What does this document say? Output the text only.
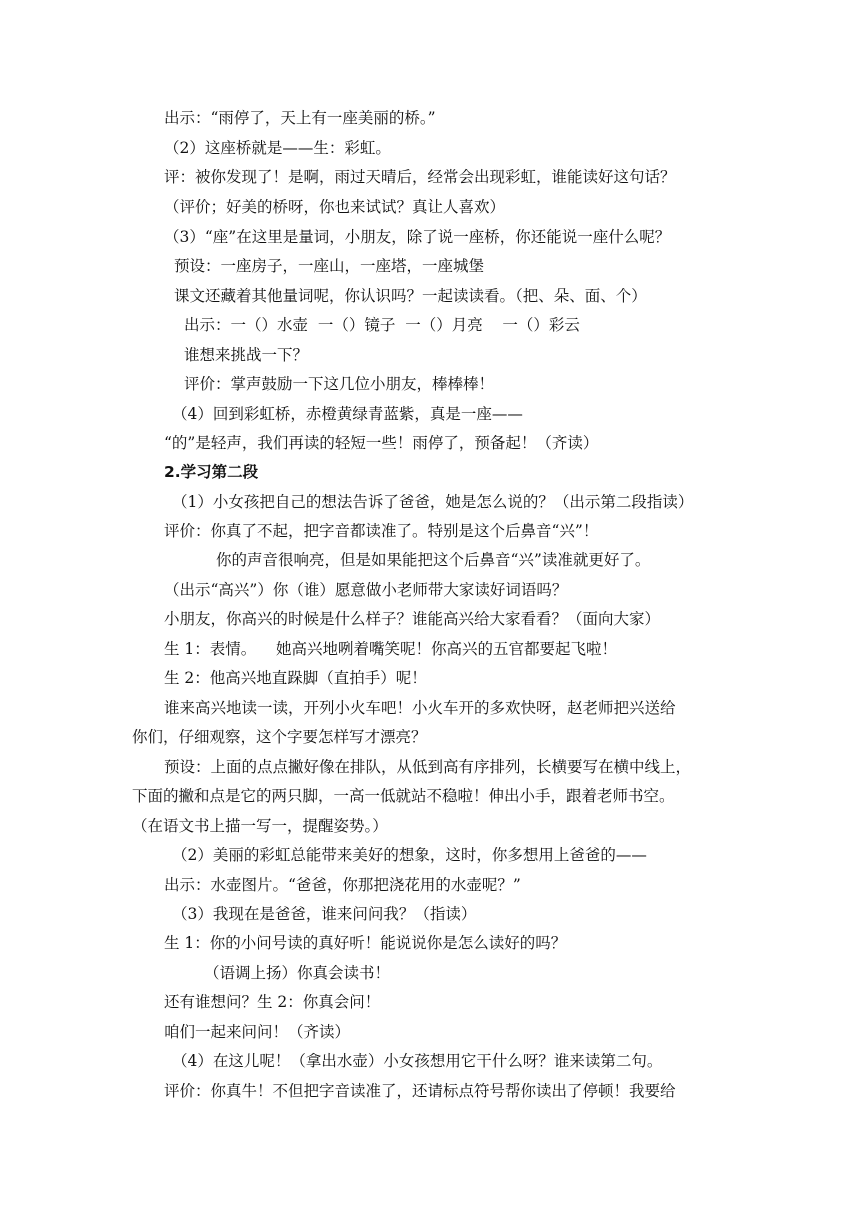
出示：“雨停了，天上有一座美丽的桥。”
（2）这座桥就是——生：彩虹。
评：被你发现了！是啊，雨过天晴后，经常会出现彩虹，谁能读好这句话？
（评价；好美的桥呀，你也来试试？真让人喜欢）
（3）“座”在这里是量词，小朋友，除了说一座桥，你还能说一座什么呢？
预设：一座房子，一座山，一座塔，一座城堡
课文还藏着其他量词呢，你认识吗？一起读读看。（把、朵、面、个）
出示：一（）水壶  一（）镜子  一（）月亮    一（）彩云
谁想来挑战一下？
评价：掌声鼓励一下这几位小朋友，棒棒棒！
（4）回到彩虹桥，赤橙黄绿青蓝紫，真是一座——
“的”是轻声，我们再读的轻短一些！雨停了，预备起！（齐读）
2.学习第二段
（1）小女孩把自己的想法告诉了爸爸，她是怎么说的？（出示第二段指读）
评价：你真了不起，把字音都读准了。特别是这个后鼻音“兴”！
你的声音很响亮，但是如果能把这个后鼻音“兴”读准就更好了。
（出示“高兴”）你（谁）愿意做小老师带大家读好词语吗？
小朋友，你高兴的时候是什么样子？谁能高兴给大家看看？（面向大家）
生 1：表情。    她高兴地咧着嘴笑呢！你高兴的五官都要起飞啦！
生 2：他高兴地直跺脚（直拍手）呢！
谁来高兴地读一读，开列小火车吧！小火车开的多欢快呀，赵老师把兴送给
你们，仔细观察，这个字要怎样写才漂亮？
预设：上面的点点撇好像在排队，从低到高有序排列，长横要写在横中线上，
下面的撇和点是它的两只脚，一高一低就站不稳啦！伸出小手，跟着老师书空。
（在语文书上描一写一，提醒姿势。）
（2）美丽的彩虹总能带来美好的想象，这时，你多想用上爸爸的——
出示：水壶图片。“爸爸，你那把浇花用的水壶呢？”
（3）我现在是爸爸，谁来问问我？（指读）
生 1：你的小问号读的真好听！能说说你是怎么读好的吗？
（语调上扬）你真会读书！
还有谁想问？生 2：你真会问！
咱们一起来问问！（齐读）
（4）在这儿呢！（拿出水壶）小女孩想用它干什么呀？谁来读第二句。
评价：你真牛！不但把字音读准了，还请标点符号帮你读出了停顿！我要给
